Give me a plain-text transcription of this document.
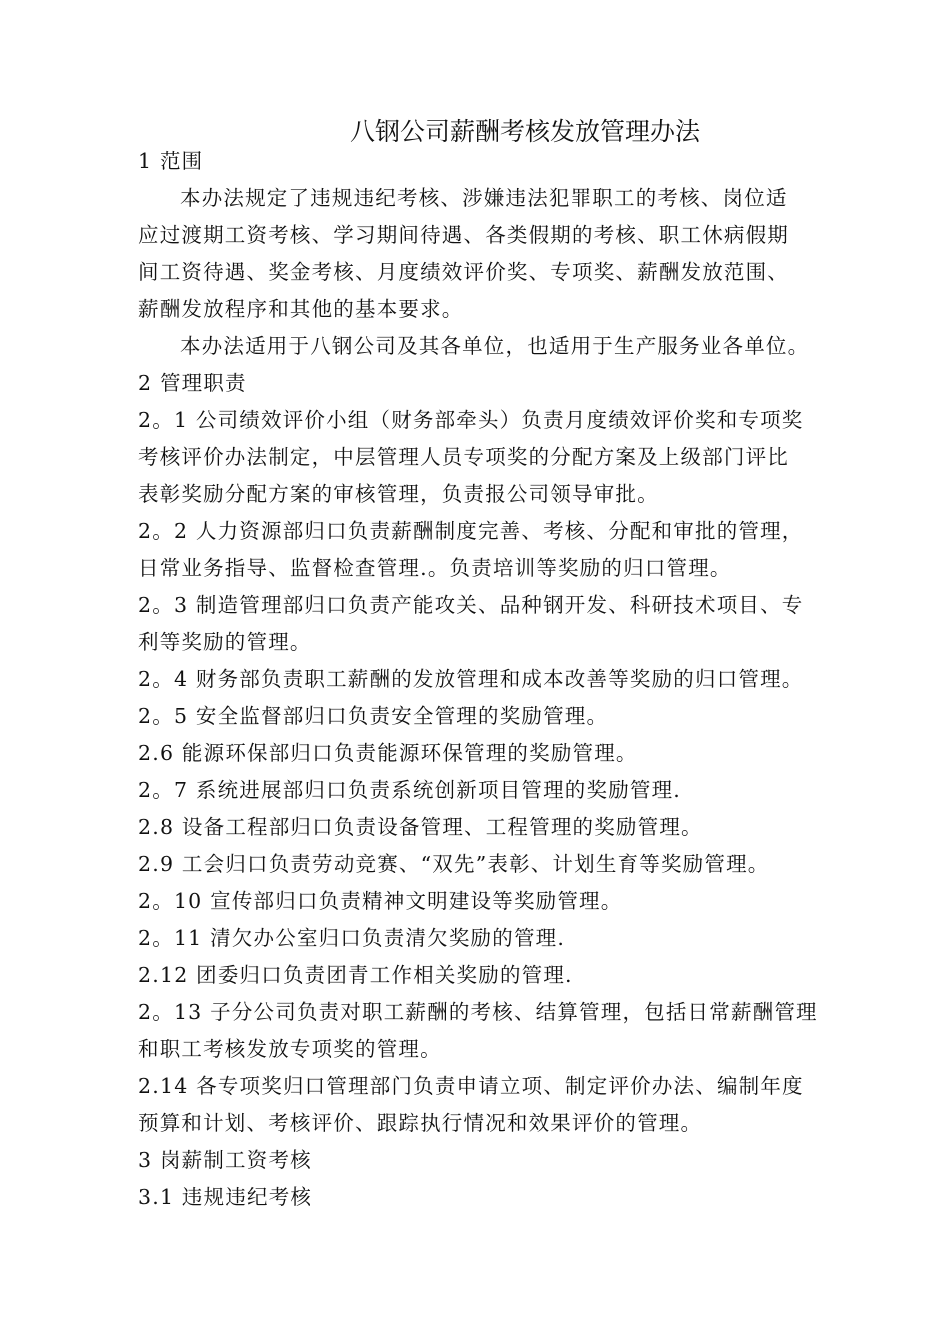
八钢公司薪酬考核发放管理办法
1 范围
本办法规定了违规违纪考核、涉嫌违法犯罪职工的考核、岗位适
应过渡期工资考核、学习期间待遇、各类假期的考核、职工休病假期
间工资待遇、奖金考核、月度绩效评价奖、专项奖、薪酬发放范围、
薪酬发放程序和其他的基本要求。
本办法适用于八钢公司及其各单位，也适用于生产服务业各单位。
2 管理职责
2。1 公司绩效评价小组（财务部牵头）负责月度绩效评价奖和专项奖
考核评价办法制定，中层管理人员专项奖的分配方案及上级部门评比
表彰奖励分配方案的审核管理，负责报公司领导审批。
2。2 人力资源部归口负责薪酬制度完善、考核、分配和审批的管理，
日常业务指导、监督检查管理.。负责培训等奖励的归口管理。
2。3 制造管理部归口负责产能攻关、品种钢开发、科研技术项目、专
利等奖励的管理。
2。4 财务部负责职工薪酬的发放管理和成本改善等奖励的归口管理。
2。5 安全监督部归口负责安全管理的奖励管理。
2.6 能源环保部归口负责能源环保管理的奖励管理。
2。7 系统进展部归口负责系统创新项目管理的奖励管理.
2.8 设备工程部归口负责设备管理、工程管理的奖励管理。
2.9 工会归口负责劳动竞赛、“双先”表彰、计划生育等奖励管理。
2。10 宣传部归口负责精神文明建设等奖励管理。
2。11 清欠办公室归口负责清欠奖励的管理.
2.12 团委归口负责团青工作相关奖励的管理.
2。13 子分公司负责对职工薪酬的考核、结算管理，包括日常薪酬管理
和职工考核发放专项奖的管理。
2.14 各专项奖归口管理部门负责申请立项、制定评价办法、编制年度
预算和计划、考核评价、跟踪执行情况和效果评价的管理。
3 岗薪制工资考核
3.1 违规违纪考核
